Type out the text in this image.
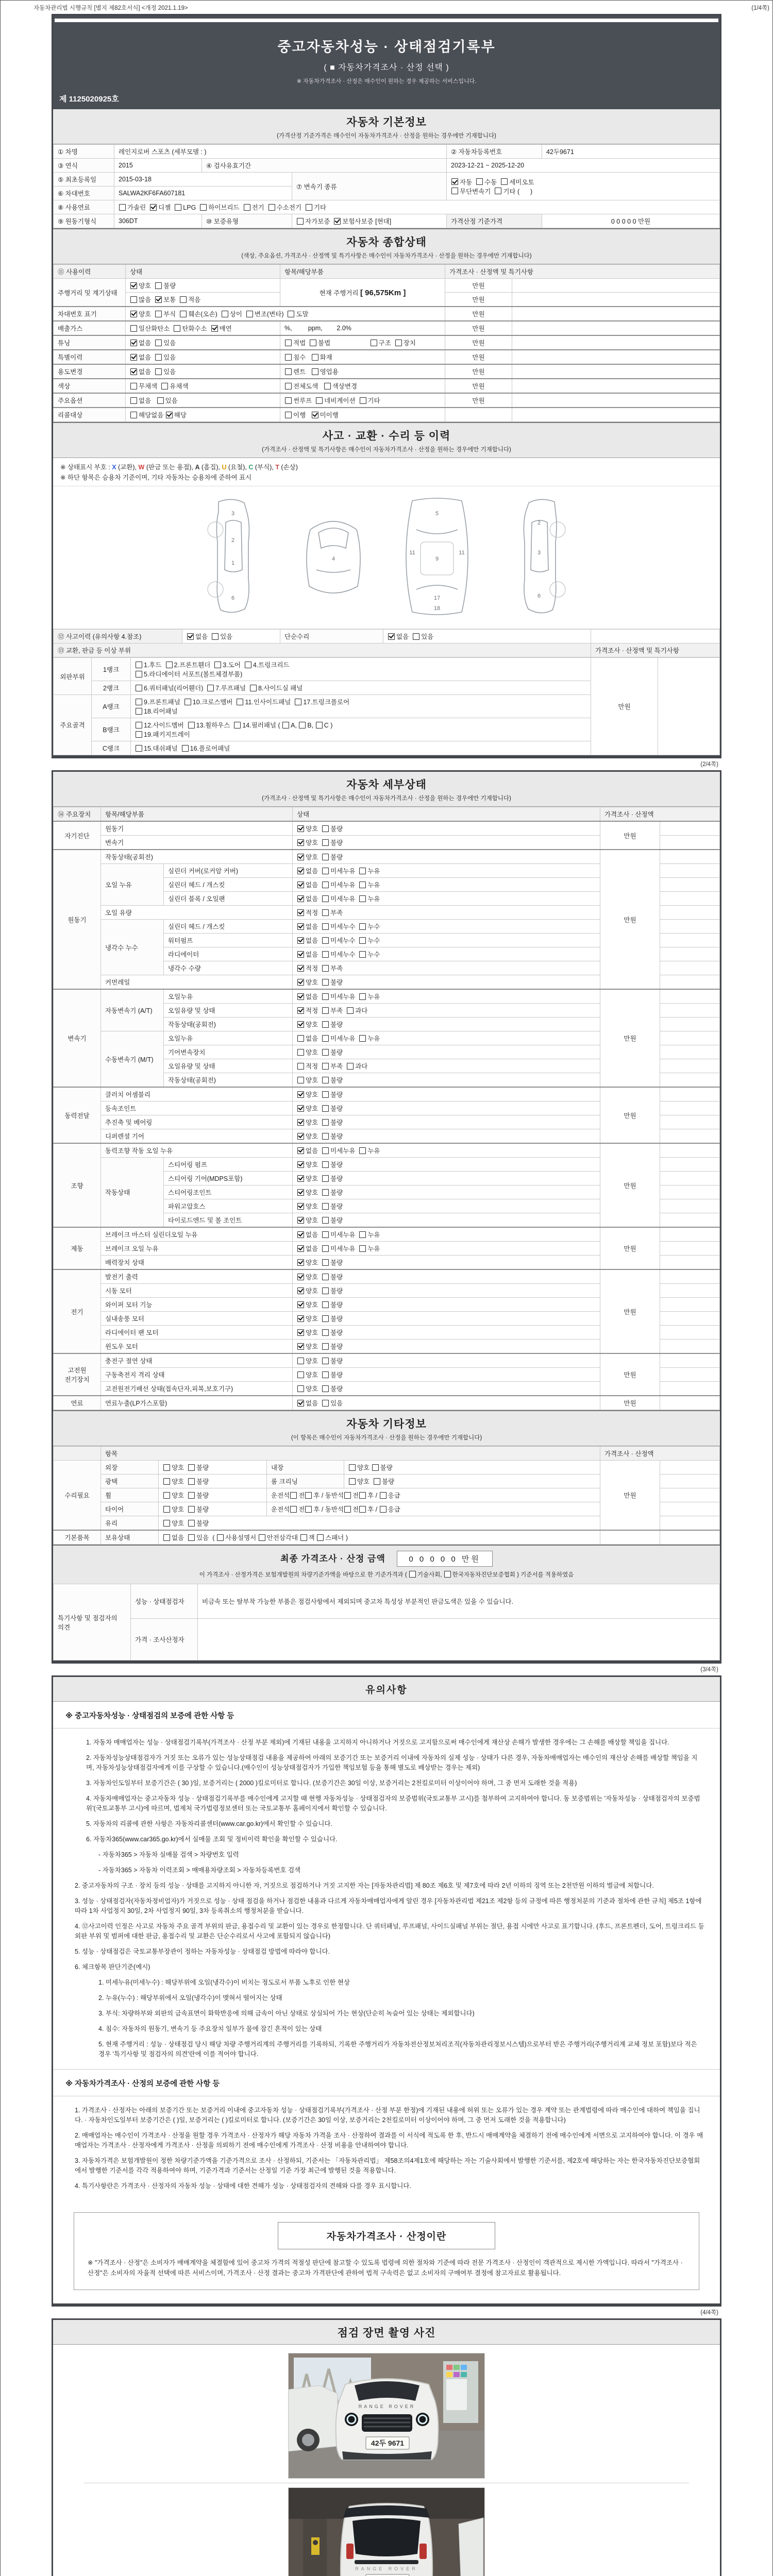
자동차관리법 시행규칙 [별지 제82호서식] <개정 2021.1.19>	(1/4쪽)
중고자동차성능 · 상태점검기록부
( ■ 자동차가격조사 · 산정 선택 )
※ 자동차가격조사 · 산정은 매수인이 원하는 경우 제공하는 서비스입니다.
제 1125020925호
자동차 기본정보
(가격산정 기준가격은 매수인이 자동차가격조사 · 산정을 원하는 경우에만 기재합니다)
① 차명	레인지로버 스포츠 (세부모델 : )			② 자동차등록번호	42두9671
③ 연식	2015	④ 검사유효기간		2023-12-21 ~ 2025-12-20	
⑤ 최초등록일	2015-03-18		⑦ 변속기 종류	자동  수동  세미오토
무단변속기  기타 (      )	
⑥ 차대번호	SALWA2KF6FA607181				
⑧ 사용연료	가솔린  디젤  LPG  하이브리드  전기  수소전기  기타				
⑨ 원동기형식	306DT	⑩ 보증유형	자가보증  보험사보증 [현대]	가격산정 기준가격	0 0 0 0 0 만원
자동차 종합상태
(색상, 주요옵션, 가격조사 · 산정액 및 특기사항은 매수인이 자동차가격조사 · 산정을 원하는 경우에만 기재합니다)
⑪ 사용이력	상태	항목/해당부품	가격조사 · 산정액 및 특기사항	
주행거리 및 계기상태	양호  불량	현재 주행거리 [ 96,575Km ]	만원	
	많음  보통  적음		만원	
차대번호 표기	양호  부식  훼손(오손)  상이  변조(변타)  도말		만원	
배출가스	일산화탄소  탄화수소  매연	%,         ppm,        2.0%	만원	
튜닝	없음  있음	적법  불법                      구조  장치	만원	
특별이력	없음  있음	침수   화재	만원	
용도변경	없음  있음	렌트   영업용	만원	
색상	무채색  유채색	전체도색   색상변경	만원	
주요옵션	없음   있음	썬루프  네비게이션  기타	만원	
리콜대상	해당없음 해당	이행   미이행		
사고 · 교환 · 수리 등 이력
(가격조사 · 산정액 및 특기사항은 매수인이 자동차가격조사 · 산정을 원하는 경우에만 기재합니다)
※ 상태표시 부호 : X (교환), W (판금 또는 용접), A (흠집), U (요철), C (부식), T (손상)
※ 하단 항목은 승용차 기준이며, 기타 자동차는 승용차에 준하여 표시
3
2
1
6
4
5
11
9
11
17
18
2
3
6
⑫ 사고이력 (유의사항 4.참조)	없음  있음	단순수리	없음  있음	
⑬ 교환, 판금 등 이상 부위				가격조사 · 산정액 및 특기사항
외판부위	1랭크	1.후드  2.프론트휀더  3.도어  4.트렁크리드
5.라디에이터 서포트(볼트체결부품)	만원	
	2랭크	6.쿼터패널(리어휀더)  7.루프패널  8.사이드실 패널		
주요골격	A랭크	9.프론트패널  10.크로스멤버  11.인사이드패널  17.트렁크플로어
18.리어패널		
	B랭크	12.사이드멤버  13.휠하우스  14.필러패널 ( A, B, C )
19.패키지트레이		
	C랭크	15.대쉬패널  16.플로어패널		
(2/4쪽)
자동차 세부상태
(가격조사 · 산정액 및 특기사항은 매수인이 자동차가격조사 · 산정을 원하는 경우에만 기재합니다)
⑭ 주요장치	항목/해당부품		상태	가격조사 · 산정액	
자기진단	원동기		양호  불량	만원	
	변속기		양호  불량		
원동기	작동상태(공회전)		양호  불량	만원	
	오일 누유	실린더 커버(로커암 커버)	없음  미세누유  누유		
		실린더 헤드 / 개스킷	없음  미세누유  누유		
		실린더 블록 / 오일팬	없음  미세누유  누유		
	오일 유량		적정  부족		
	냉각수 누수	실린더 헤드 / 개스킷	없음  미세누수  누수		
		워터펌프	없음  미세누수  누수		
		라디에이터	없음  미세누수  누수		
		냉각수 수량	적정  부족		
	커먼레일		양호  불량		
변속기	자동변속기 (A/T)	오일누유	없음  미세누유  누유	만원	
		오일유량 및 상태	적정  부족  과다		
		작동상태(공회전)	양호  불량		
	수동변속기 (M/T)	오일누유	없음  미세누유  누유		
		기어변속장치	양호  불량		
		오일유량 및 상태	적정  부족  과다		
		작동상태(공회전)	양호  불량		
동력전달	클러치 어셈블리		양호  불량	만원	
	등속조인트		양호  불량		
	추진축 및 베어링		양호  불량		
	디퍼렌셜 기어		양호  불량		
조향	동력조향 작동 오일 누유		없음  미세누유  누유	만원	
	작동상태	스티어링 펌프	양호  불량		
		스티어링 기어(MDPS포함)	양호  불량		
		스티어링조인트	양호  불량		
		파워고압호스	양호  불량		
		타이로드엔드 및 볼 조인트	양호  불량		
제동	브레이크 마스터 실린더오일 누유		없음  미세누유  누유	만원	
	브레이크 오일 누유		없음  미세누유  누유		
	배력장치 상태		양호  불량		
전기	발전기 출력		양호  불량	만원	
	시동 모터		양호  불량		
	와이퍼 모터 기능		양호  불량		
	실내송풍 모터		양호  불량		
	라디에이터 팬 모터		양호  불량		
	윈도우 모터		양호  불량		
고전원 전기장치	충전구 절연 상태		양호  불량	만원	
	구동축전지 격리 상태		양호  불량		
	고전원전기배선 상태(접속단자,피복,보호기구)		양호  불량		
연료	연료누출(LP가스포함)		없음  있음	만원	
자동차 기타정보
(이 항목은 매수인이 자동차가격조사 · 산정을 원하는 경우에만 기재합니다)
	항목				가격조사 · 산정액	
수리필요	외장	양호  불량	내장	양호 불량	만원	
	광택	양호  불량	룸 크리닝	양호  불량		
	휠	양호  불량	운전석 전 후 / 동반석 전 후 / 응급			
	타이어	양호  불량	운전석 전 후 / 동반석 전 후 / 응급			
	유리	양호  불량				
기본품목	보유상태	없음  있음  ( 사용설명서 안전삼각대 잭 스패너 )				
최종 가격조사 · 산정 금액	0 0 0 0 0 만원
이 가격조사 · 산정가격은 보험개발원의 차량기준가액을 바탕으로 한 기준가격과 ( 기술사회, 한국자동차진단보증협회 ) 기준서를 적용하였음
특기사항 및 점검자의 의견	성능 · 상태점검자	비금속 또는 탈부착 가능한 부품은 점검사항에서 제외되며 중고차 특성상 부분적인 판금도색은 있을 수 있습니다.
	가격 · 조사산정자	
(3/4쪽)
유의사항
※ 중고자동차성능 · 상태점검의 보증에 관한 사항 등
1. 자동차 매매업자는 성능 · 상태점검기록부(가격조사 · 산정 부분 제외)에 기재된 내용을 고지하지 아니하거나 거짓으로 고지함으로써 매수인에게 재산상 손해가 발생한 경우에는 그 손해를 배상할 책임을 집니다.
2. 자동차성능상태점검자가 거짓 또는 오류가 있는 성능상태점검 내용을 제공하여 아래의 보증기간 또는 보증거리 이내에 자동차의 실제 성능 · 상태가 다른 경우, 자동차매매업자는 매수인의 재산상 손해를 배상할 책임을 지며, 자동차성능상태점검자에게 이를 구상할 수 있습니다.(매수인이 성능상태점검자가 가입한 책임보험 등을 통해 별도로 배상받는 경우는 제외)
3. 자동차인도일부터 보증기간은 ( 30 )일, 보증거리는 ( 2000 )킬로미터로 합니다. (보증기간은 30일 이상, 보증거리는 2천킬로미터 이상이어야 하며, 그 중 먼저 도래한 것을 적용)
4. 자동차매매업자는 중고자동차 성능 · 상태점검기록부를 매수인에게 고지할 때 현행 자동차성능 · 상태점검자의 보증범위(국토교통부 고시)를 첨부하여 고지하여야 합니다. 동 보증범위는 '자동차성능 · 상태점검자의 보증범위'(국토교통부 고시)에 따르며, 법제처 국가법령정보센터 또는 국토교통부 홈페이지에서 확인할 수 있습니다.
5. 자동차의 리콜에 관한 사항은 자동차리콜센터(www.car.go.kr)에서 확인할 수 있습니다.
6. 자동차365(www.car365.go.kr)에서 실매물 조회 및 정비이력 확인을 확인할 수 있습니다.
- 자동차365 > 자동차 실매물 검색 > 차량번호 입력
- 자동차365 > 자동차 이력조회 > 매매용차량조회 > 자동차등록번호 검색
2. 중고자동차의 구조 · 장치 등의 성능 · 상태를 고지하지 아니한 자, 거짓으로 점검하거나 거짓 고지한 자는 [자동차관리법] 제 80조 제6호 및 제7호에 따라 2년 이하의 징역 또는 2천만원 이하의 벌금에 처합니다.
3. 성능 · 상태점검자(자동차정비업자)가 거짓으로 성능 · 상태 점검을 하거나 점검한 내용과 다르게 자동차매매업자에게 알린 경우 [자동차관리법 제21조 제2항 등의 규정에 따른 행정처분의 기준과 절차에 관한 규칙] 제5조 1항에 따라 1차 사업정지 30일, 2차 사업정지 90일, 3차 등록취소의 행정처분을 받습니다.
4. ⑫사고이력 인정은 사고로 자동차 주요 골격 부위의 판금, 용접수리 및 교환이 있는 경우로 한정합니다. 단 쿼터패널, 루프패널, 사이드실패널 부위는 절단, 용접 시에만 사고로 표기합니다. (후드, 프론트펜더, 도어, 트렁크리드 등 외판 부위 및 범퍼에 대한 판금, 용접수리 및 교환은 단순수리로서 사고에 포함되지 않습니다)
5. 성능 · 상태점검은 국토교통부장관이 정하는 자동차성능 · 상태점검 방법에 따라야 합니다.
6. 체크항목 판단기준(예시)
1. 미세누유(미세누수) : 해당부위에 오일(냉각수)이 비치는 정도로서 부품 노후로 인한 현상
2. 누유(누수) : 해당부위에서 오일(냉각수)이 맺혀서 떨어지는 상태
3. 부식: 차량하부와 외판의 금속표면이 화학반응에 의해 금속이 아닌 상태로 상실되어 가는 현상(단순히 녹슬어 있는 상태는 제외합니다)
4. 침수: 자동차의 원동기, 변속기 등 주요장치 일부가 물에 잠긴 흔적이 있는 상태
5. 현재 주행거리 : 성능 · 상태점검 당시 해당 차량 주행거리계의 주행거리를 기록하되, 기록한 주행거리가 자동차전산정보처리조직(자동차관리정보시스템)으로부터 받은 주행거리(주행거리계 교체 정보 포함)보다 적은 경우 '특기사항 및 점검자의 의견'란에 이를 적어야 합니다.
※ 자동차가격조사 · 산정의 보증에 관한 사항 등
1. 가격조사 · 산정자는 아래의 보증기간 또는 보증거리 이내에 중고자동차 성능 · 상태점검기록부(가격조사 · 산정 부분 한정)에 기재된 내용에 허위 또는 오류가 있는 경우 계약 또는 관계법령에 따라 매수인에 대하여 책임을 집니다. · 자동차인도일부터 보증기간은 ( )일, 보증거리는 ( )킬로미터로 합니다. (보증기간은 30일 이상, 보증거리는 2천킬로미터 이상이어야 하며, 그 중 먼저 도래한 것을 적용합니다)
2. 매매업자는 매수인이 가격조사 · 산정을 원할 경우 가격조사 · 산정자가 해당 자동차 가격을 조사 · 산정하여 결과를 이 서식에 적도록 한 후, 반드시 매매계약을 체결하기 전에 매수인에게 서면으로 고지하여야 합니다. 이 경우 매매업자는 가격조사 · 산정자에게 가격조사 · 산정을 의뢰하기 전에 매수인에게 가격조사 · 산정 비용을 안내하여야 합니다.
3. 자동차가격은 보험개발원이 정한 차량기준가액을 기준가격으로 조사 · 산정하되, 기준서는 「자동차관리법」 제58조의4제1호에 해당하는 자는 기술사회에서 발행한 기준서를, 제2호에 해당하는 자는 한국자동차진단보증협회에서 발행한 기준서를 각각 적용하여야 하며, 기준가격과 기준서는 산정일 기준 가장 최근에 발행된 것을 적용합니다.
4. 특기사항란은 가격조사 · 산정자의 자동차 성능 · 상태에 대한 견해가 성능 · 상태점검자의 견해와 다를 경우 표시합니다.
자동차가격조사 · 산정이란
※ "가격조사 · 산정"은 소비자가 매매계약을 체결함에 있어 중고차 가격의 적절성 판단에 참고할 수 있도록 법령에 의한 절차와 기준에 따라 전문 가격조사 · 산정인이 객관적으로 제시한 가액입니다. 따라서 "가격조사 · 산정"은 소비자의 자율적 선택에 따른 서비스이며, 가격조사 · 산정 결과는 중고차 가격판단에 관하여 법적 구속력은 없고 소비자의 구매여부 결정에 참고자료로 활용됩니다.
(4/4쪽)
점검 장면 촬영 사진
RANGE ROVER
42두 9671
RANGE ROVER
